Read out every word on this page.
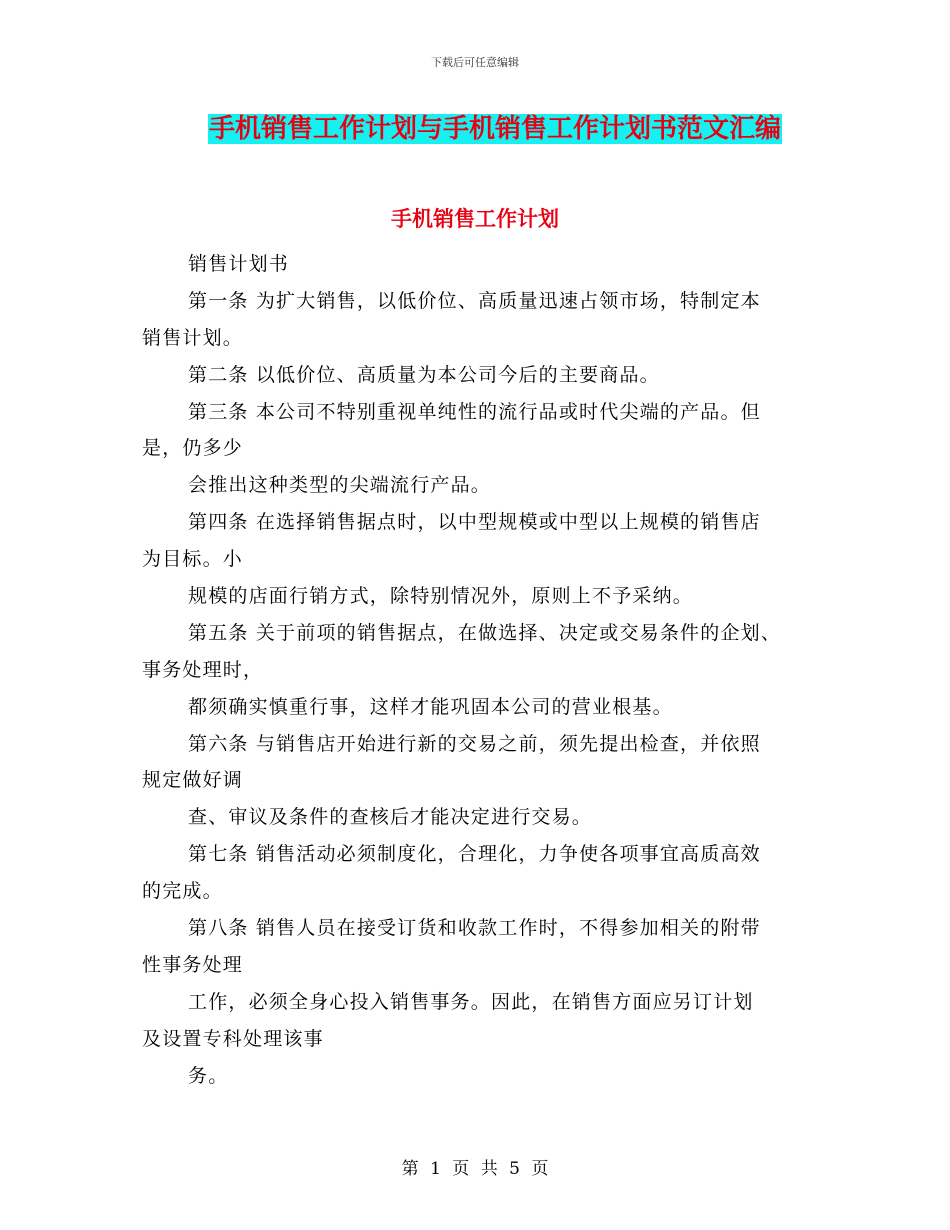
下载后可任意编辑
手机销售工作计划与手机销售工作计划书范文汇编
手机销售工作计划
销售计划书
第一条 为扩大销售，以低价位、高质量迅速占领市场，特制定本
销售计划。
第二条 以低价位、高质量为本公司今后的主要商品。
第三条 本公司不特别重视单纯性的流行品或时代尖端的产品。但
是，仍多少
会推出这种类型的尖端流行产品。
第四条 在选择销售据点时，以中型规模或中型以上规模的销售店
为目标。小
规模的店面行销方式，除特别情况外，原则上不予采纳。
第五条 关于前项的销售据点，在做选择、决定或交易条件的企划、
事务处理时，
都须确实慎重行事，这样才能巩固本公司的营业根基。
第六条 与销售店开始进行新的交易之前，须先提出检查，并依照
规定做好调
查、审议及条件的查核后才能决定进行交易。
第七条 销售活动必须制度化，合理化，力争使各项事宜高质高效
的完成。
第八条 销售人员在接受订货和收款工作时，不得参加相关的附带
性事务处理
工作，必须全身心投入销售事务。因此，在销售方面应另订计划
及设置专科处理该事
务。
第 1 页 共 5 页
